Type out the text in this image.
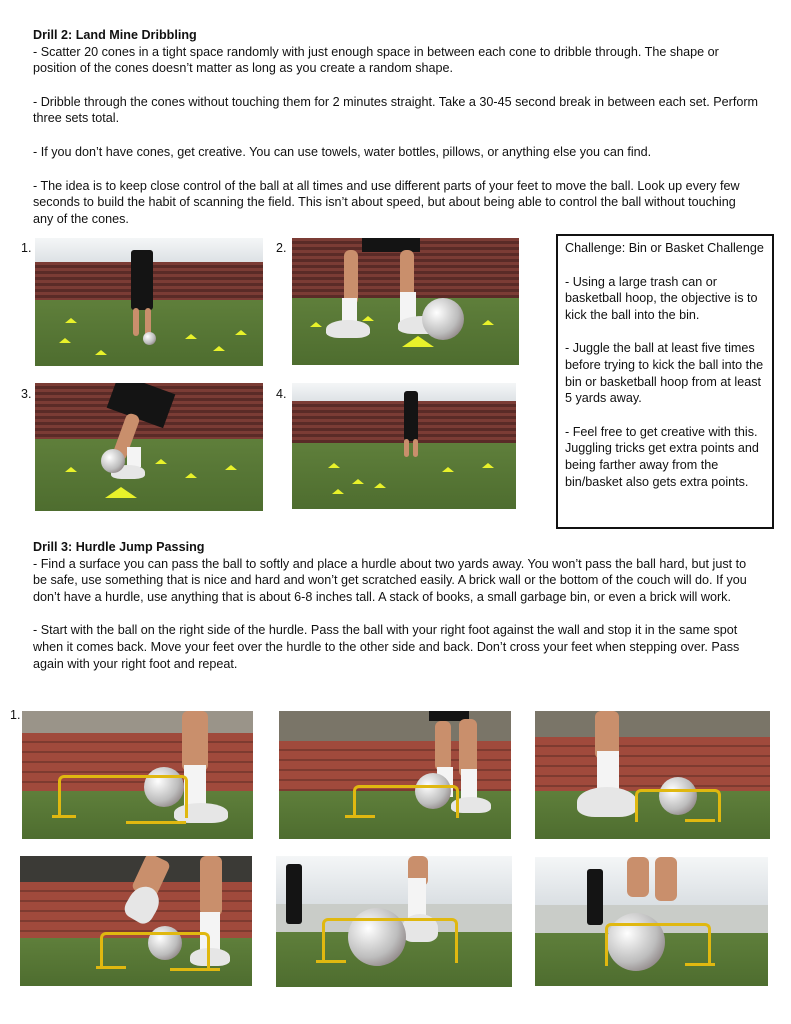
Drill 2: Land Mine Dribbling

- Scatter 20 cones in a tight space randomly with just enough space in between each cone to dribble through. The shape or position of the cones doesn’t matter as long as you create a random shape.

- Dribble through the cones without touching them for 2 minutes straight. Take a 30-45 second break in between each set. Perform three sets total.

- If you don’t have cones, get creative. You can use towels, water bottles, pillows, or anything else you can find.

- The idea is to keep close control of the ball at all times and use different parts of your feet to move the ball. Look up every few seconds to build the habit of scanning the field. This isn’t about speed, but about being able to control the ball without touching any of the cones.

1.	2.
3.	4.

Challenge: Bin or Basket Challenge

- Using a large trash can or basketball hoop, the objective is to kick the ball into the bin.

- Juggle the ball at least five times before trying to kick the ball into the bin or basketball hoop from at least 5 yards away.

- Feel free to get creative with this. Juggling tricks get extra points and being farther away from the bin/basket also gets extra points.

Drill 3: Hurdle Jump Passing

- Find a surface you can pass the ball to softly and place a hurdle about two yards away. You won’t pass the ball hard, but just to be safe, use something that is nice and hard and won’t get scratched easily. A brick wall or the bottom of the couch will do. If you don’t have a hurdle, use anything that is about 6-8 inches tall. A stack of books, a small garbage bin, or even a brick will work.

- Start with the ball on the right side of the hurdle. Pass the ball with your right foot against the wall and stop it in the same spot when it comes back. Move your feet over the hurdle to the other side and back. Don’t cross your feet when stepping over. Pass again with your right foot and repeat.

1.
